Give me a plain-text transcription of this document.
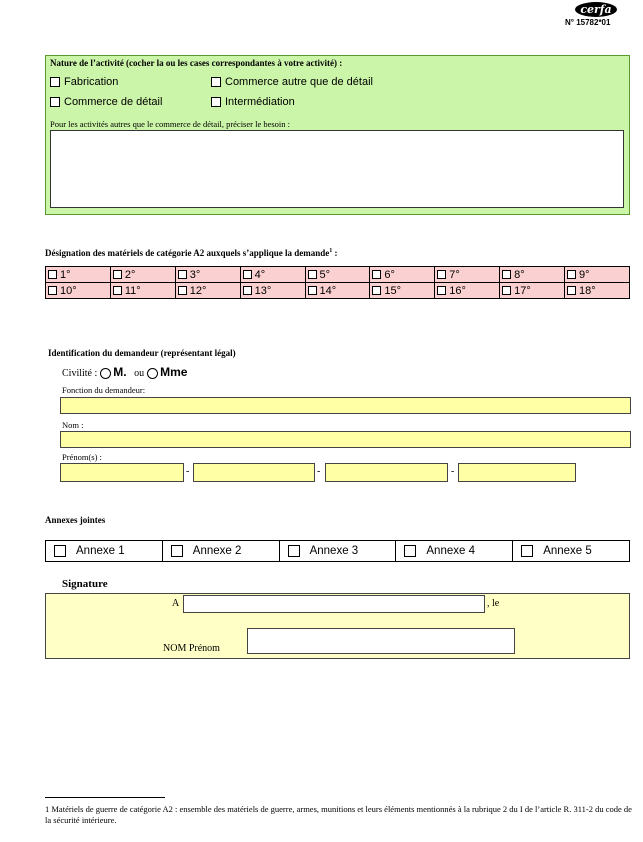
cerfa
N° 15782*01
Nature de l’activité (cocher la ou les cases correspondantes à votre activité) :
Fabrication	Commerce autre que de détail
Commerce de détail	Intermédiation
Pour les activités autres que le commerce de détail, préciser le besoin :
Désignation des matériels de catégorie A2 auxquels s’applique la demande$^1$ :
1°	2°	3°	4°	5°	6°	7°	8°	9°
10°	11°	12°	13°	14°	15°	16°	17°	18°
Identification du demandeur (représentant légal)
Civilité : M. ou Mme
Fonction du demandeur:
Nom :
Prénom(s) :
-	-	-
Annexes jointes
Annexe 1	Annexe 2	Annexe 3	Annexe 4	Annexe 5
Signature
A	, le
NOM Prénom
1 Matériels de guerre de catégorie A2 : ensemble des matériels de guerre, armes, munitions et leurs éléments mentionnés à la rubrique 2 du I de l’article R. 311-2 du code de la sécurité intérieure.
